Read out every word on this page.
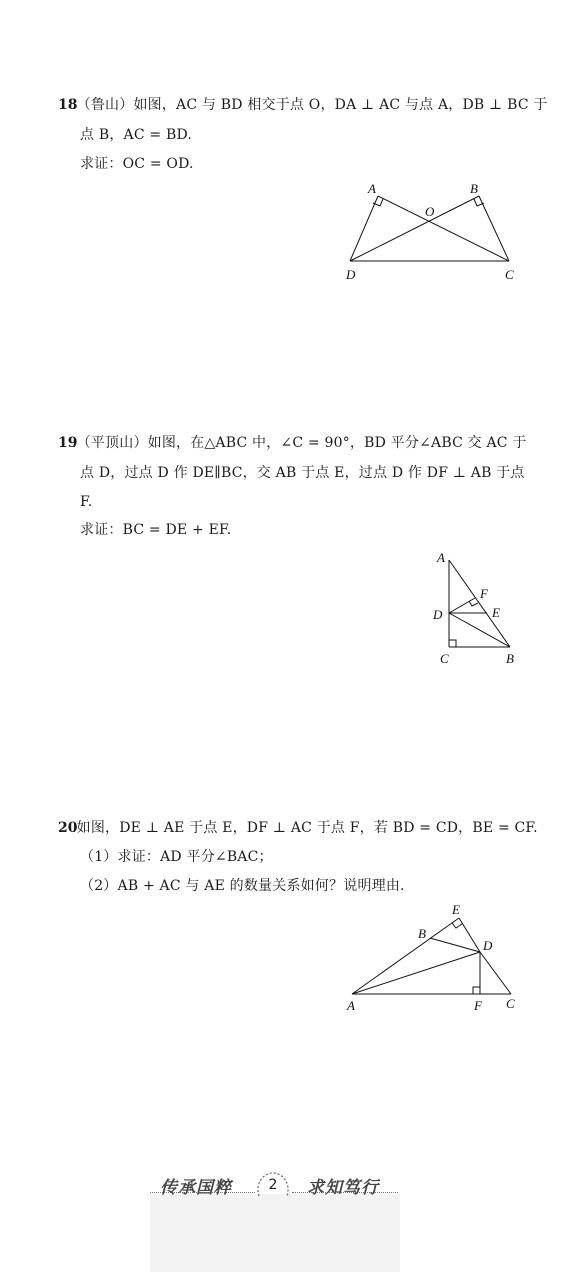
18
.（鲁山）如图，AC 与 BD 相交于点 O，DA ⊥ AC 与点 A，DB ⊥ BC 于
点 B，AC = BD.
求证：OC = OD.
A	B
O
D	C
19
.（平顶山）如图，在△ABC 中，∠C = 90°，BD 平分∠ABC 交 AC 于
点 D，过点 D 作 DE∥BC，交 AB 于点 E，过点 D 作 DF ⊥ AB 于点
F.
求证：BC = DE + EF.
A
F
D	E
C	B
20
.如图，DE ⊥ AE 于点 E，DF ⊥ AC 于点 F，若 BD = CD，BE = CF.
（1）求证：AD 平分∠BAC；
（2）AB + AC 与 AE 的数量关系如何？说明理由.
E
B
D
A	F C
传承国粹	2	求知笃行
